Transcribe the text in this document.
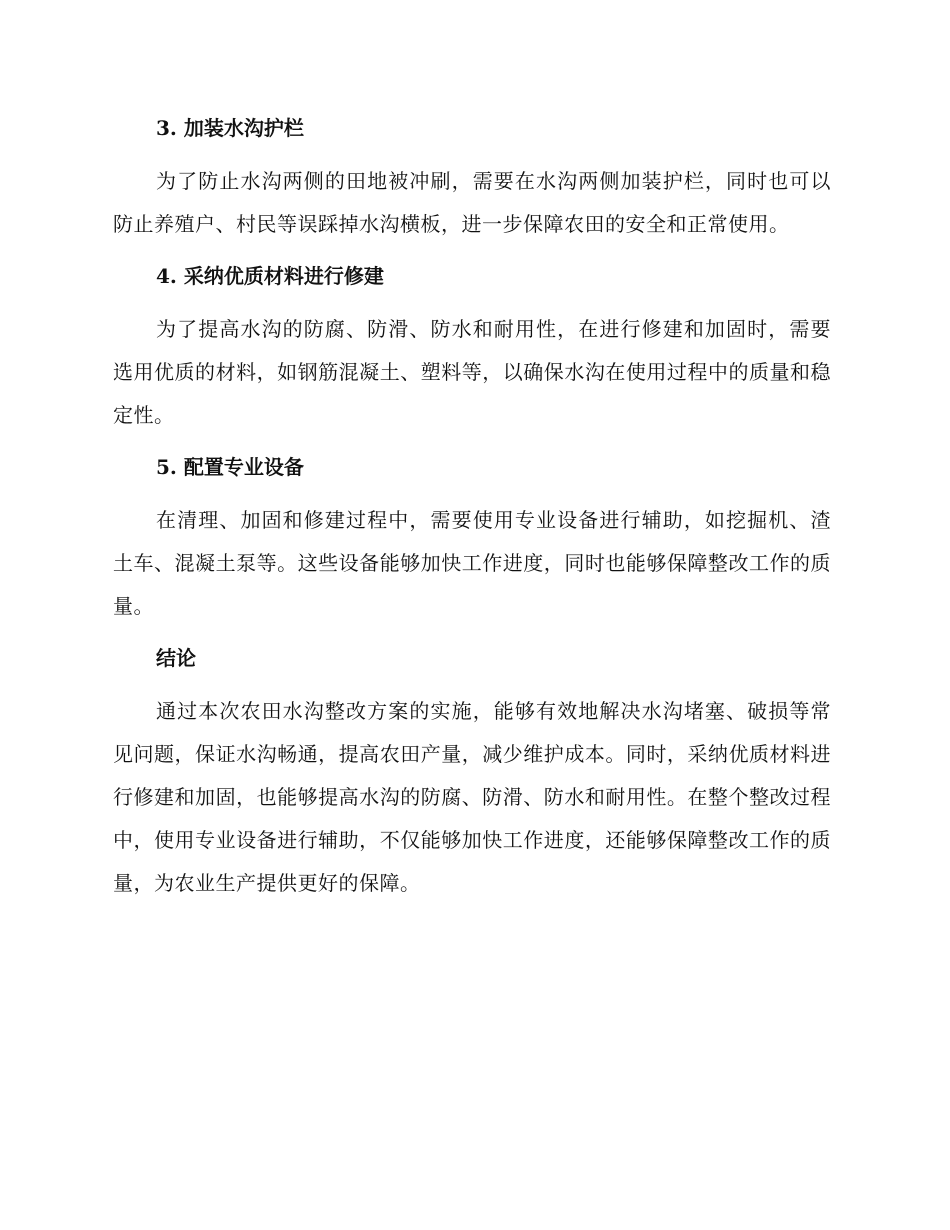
3. 加装水沟护栏

为了防止水沟两侧的田地被冲刷，需要在水沟两侧加装护栏，同时也可以防止养殖户、村民等误踩掉水沟横板，进一步保障农田的安全和正常使用。

4. 采纳优质材料进行修建

为了提高水沟的防腐、防滑、防水和耐用性，在进行修建和加固时，需要选用优质的材料，如钢筋混凝土、塑料等，以确保水沟在使用过程中的质量和稳定性。

5. 配置专业设备

在清理、加固和修建过程中，需要使用专业设备进行辅助，如挖掘机、渣土车、混凝土泵等。这些设备能够加快工作进度，同时也能够保障整改工作的质量。

结论

通过本次农田水沟整改方案的实施，能够有效地解决水沟堵塞、破损等常见问题，保证水沟畅通，提高农田产量，减少维护成本。同时，采纳优质材料进行修建和加固，也能够提高水沟的防腐、防滑、防水和耐用性。在整个整改过程中，使用专业设备进行辅助，不仅能够加快工作进度，还能够保障整改工作的质量，为农业生产提供更好的保障。
